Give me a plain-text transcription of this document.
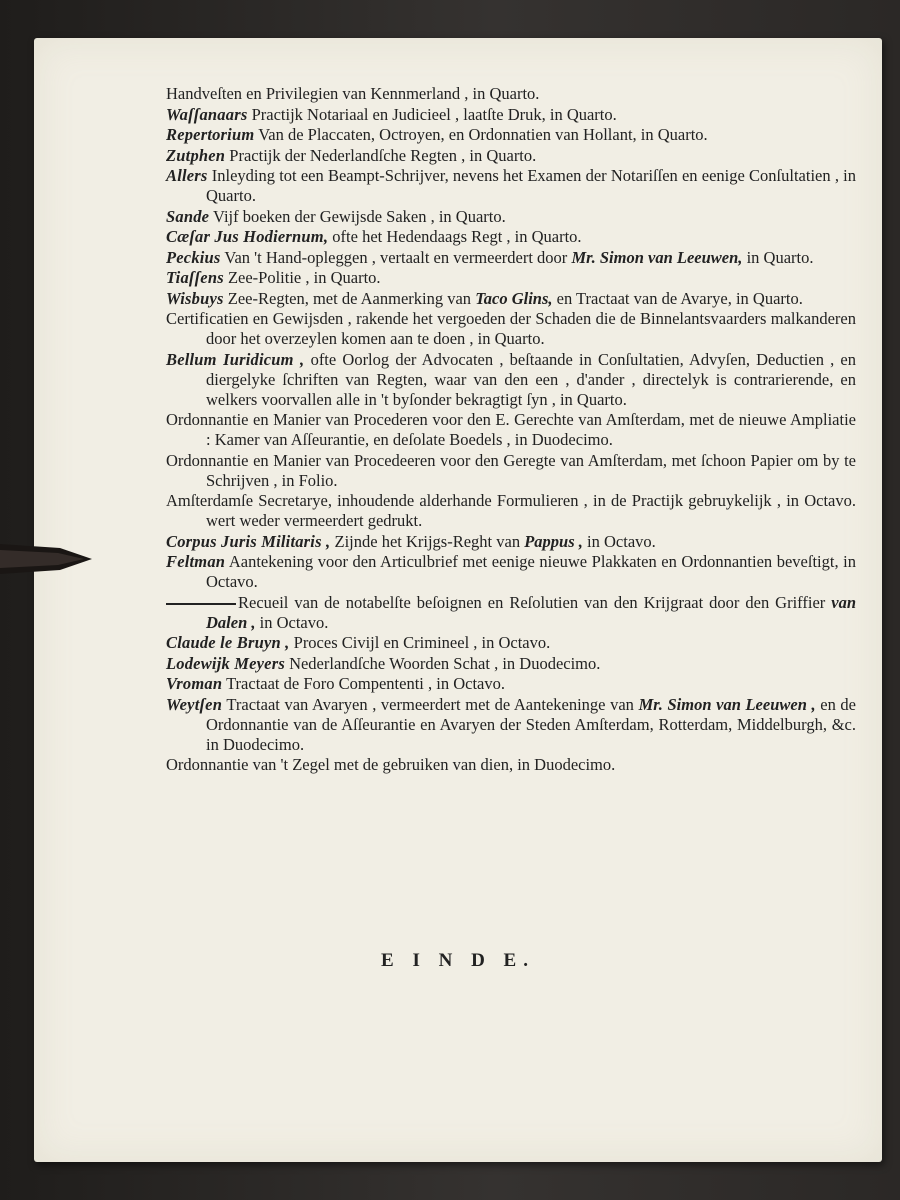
Handveſten en Privilegien van Kennmerland , in Quarto.

Waſſanaars Practijk Notariaal en Judicieel , laatſte Druk, in Quarto.

Repertorium Van de Placcaten, Octroyen, en Ordonnatien van Hollant, in Quarto.

Zutphen Practijk der Nederlandſche Regten , in Quarto.

Allers Inleyding tot een Beampt-Schrijver, nevens het Examen der Notariſſen en eenige Conſultatien , in Quarto.

Sande Vijf boeken der Gewijsde Saken , in Quarto.

Cæſar Jus Hodiernum, ofte het Hedendaags Regt , in Quarto.

Peckius Van 't Hand-opleggen , vertaalt en vermeerdert door Mr. Simon van Leeuwen, in Quarto.

Tiaſſens Zee-Politie , in Quarto.

Wisbuys Zee-Regten, met de Aanmerking van Taco Glins, en Tractaat van de Avarye, in Quarto.

Certificatien en Gewijsden , rakende het vergoeden der Schaden die de Binnelantsvaarders malkanderen door het overzeylen komen aan te doen , in Quarto.

Bellum Iuridicum , ofte Oorlog der Advocaten , beſtaande in Conſultatien, Advyſen, Deductien , en diergelyke ſchriften van Regten, waar van den een , d'ander , directelyk is contrarierende, en welkers voorvallen alle in 't byſonder bekragtigt ſyn , in Quarto.

Ordonnantie en Manier van Procederen voor den E. Gerechte van Amſterdam, met de nieuwe Ampliatie : Kamer van Aſſeurantie, en deſolate Boedels , in Duodecimo.

Ordonnantie en Manier van Procedeeren voor den Geregte van Amſterdam, met ſchoon Papier om by te Schrijven , in Folio.

Amſterdamſe Secretarye, inhoudende alderhande Formulieren , in de Practijk gebruykelijk , in Octavo. wert weder vermeerdert gedrukt.

Corpus Juris Militaris , Zijnde het Krijgs-Reght van Pappus , in Octavo.

Feltman Aantekening voor den Articulbrief met eenige nieuwe Plakkaten en Ordonnantien beveſtigt, in Octavo.

Recueil van de notabelſte beſoignen en Reſolutien van den Krijgraat door den Griffier van Dalen , in Octavo.

Claude le Bruyn , Proces Civijl en Crimineel , in Octavo.

Lodewijk Meyers Nederlandſche Woorden Schat , in Duodecimo.

Vroman Tractaat de Foro Compententi , in Octavo.

Weytſen Tractaat van Avaryen , vermeerdert met de Aantekeninge van Mr. Simon van Leeuwen , en de Ordonnantie van de Aſſeurantie en Avaryen der Steden Amſterdam, Rotterdam, Middelburgh, &c. in Duodecimo.

Ordonnantie van 't Zegel met de gebruiken van dien, in Duodecimo.

E I N D E.
